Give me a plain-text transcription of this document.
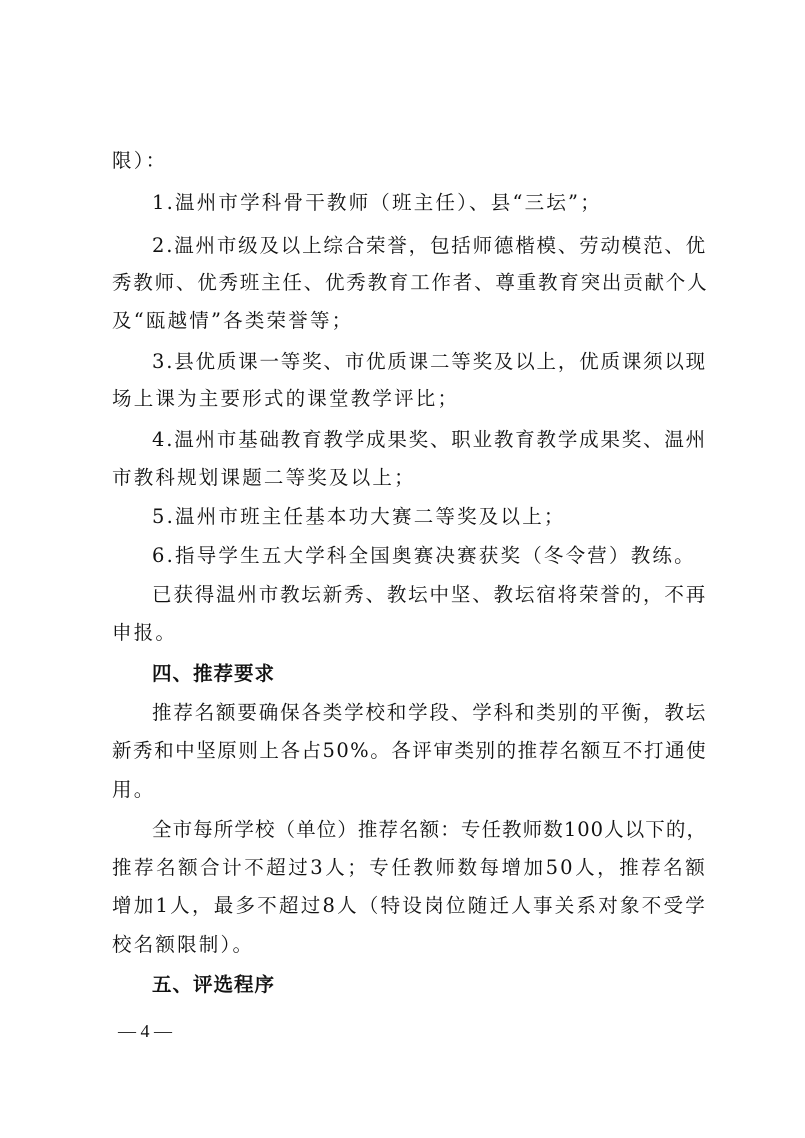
限）：
1.温州市学科骨干教师（班主任）、县“三坛”；
2.温州市级及以上综合荣誉，包括师德楷模、劳动模范、优
秀教师、优秀班主任、优秀教育工作者、尊重教育突出贡献个人
及“瓯越情”各类荣誉等；
3.县优质课一等奖、市优质课二等奖及以上，优质课须以现
场上课为主要形式的课堂教学评比；
4.温州市基础教育教学成果奖、职业教育教学成果奖、温州
市教科规划课题二等奖及以上；
5.温州市班主任基本功大赛二等奖及以上；
6.指导学生五大学科全国奥赛决赛获奖（冬令营）教练。
已获得温州市教坛新秀、教坛中坚、教坛宿将荣誉的，不再
申报。
四、推荐要求
推荐名额要确保各类学校和学段、学科和类别的平衡，教坛
新秀和中坚原则上各占50%。各评审类别的推荐名额互不打通使
用。
全市每所学校（单位）推荐名额：专任教师数100人以下的，
推荐名额合计不超过3人；专任教师数每增加50人，推荐名额
增加1人，最多不超过8人（特设岗位随迁人事关系对象不受学
校名额限制）。
五、评选程序
— 4 —
